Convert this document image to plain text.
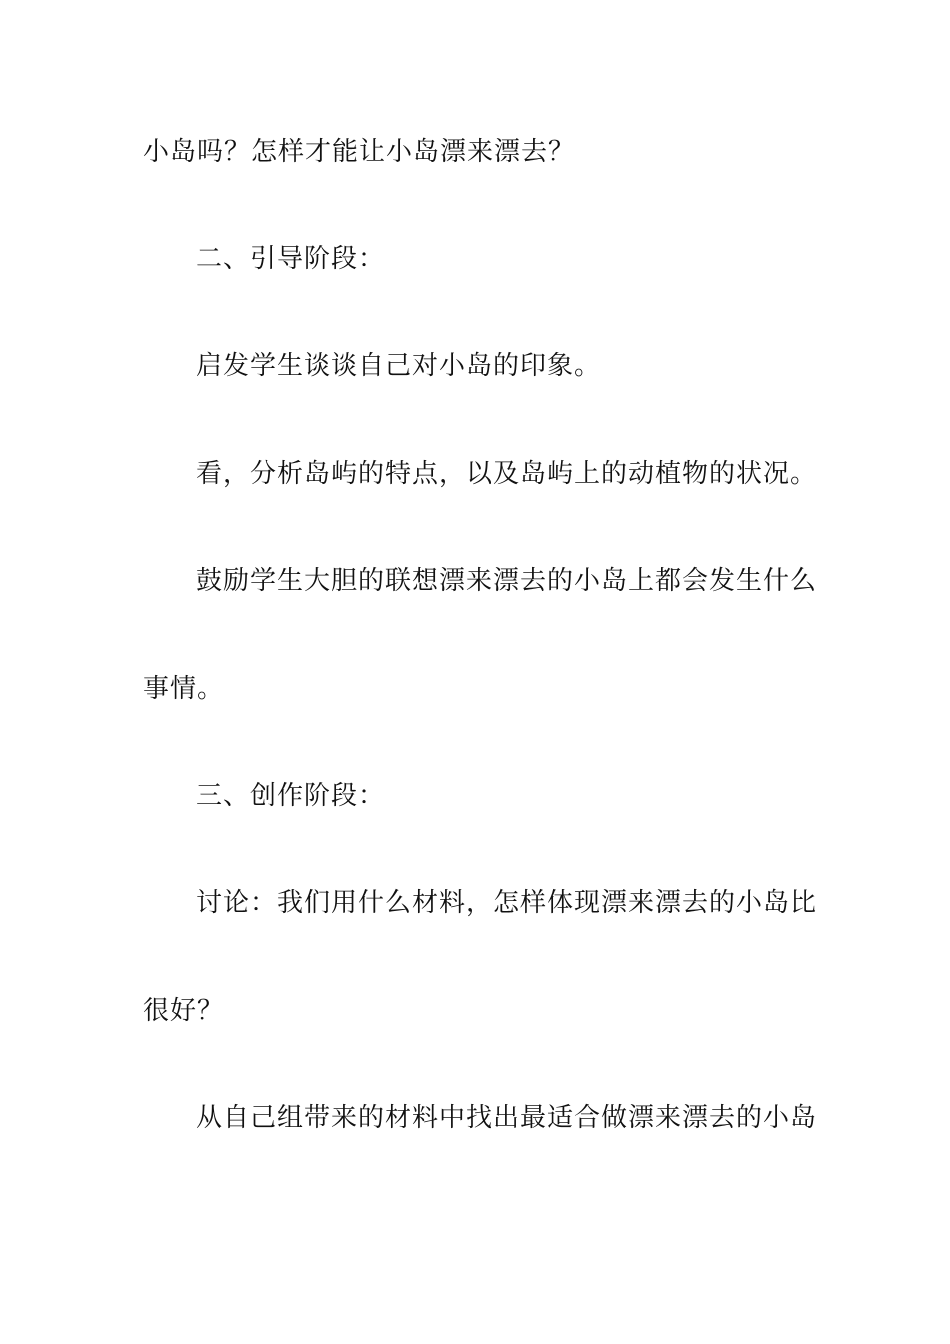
小岛吗？怎样才能让小岛漂来漂去？
二、引导阶段：
启发学生谈谈自己对小岛的印象。
看，分析岛屿的特点，以及岛屿上的动植物的状况。
鼓励学生大胆的联想漂来漂去的小岛上都会发生什么
事情。
三、创作阶段：
讨论：我们用什么材料，怎样体现漂来漂去的小岛比
很好？
从自己组带来的材料中找出最适合做漂来漂去的小岛
